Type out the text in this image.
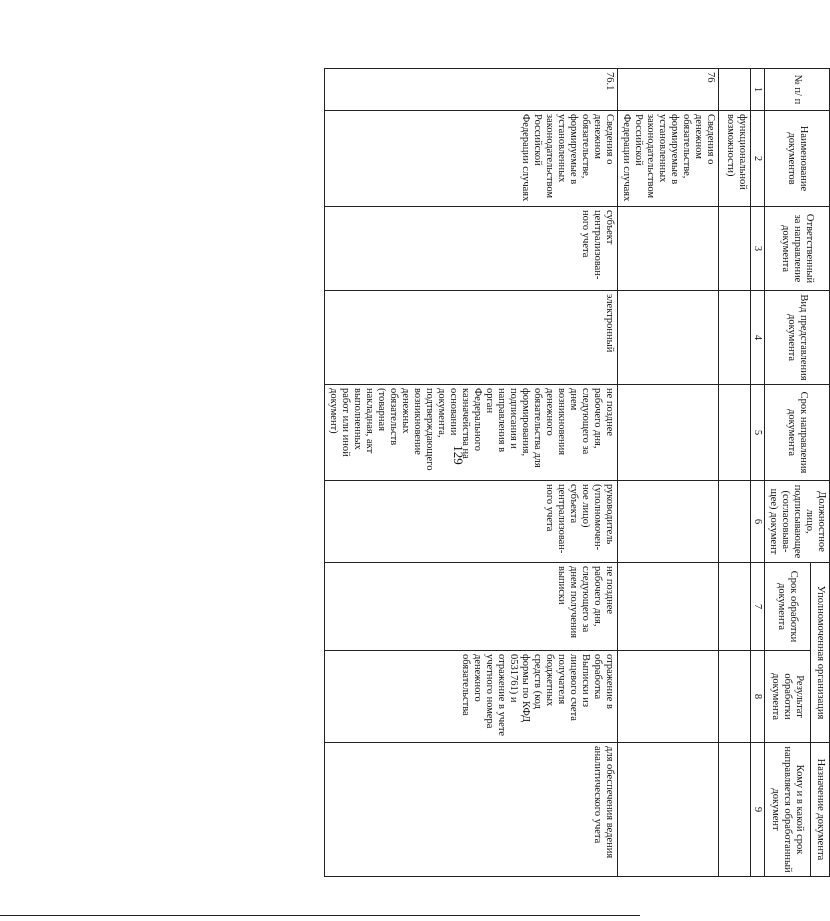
129
№ п/ п	Наименование документов	Ответственный за направление документа	Вид представления документа	Срок направления документа	Должностное лицо, подписывающее (согласовыва-щее) документ	Уполномоченная организация		Назначение документа
						Срок обработки документа	Результат обработки документа	Кому и в какой срок направляется обработанный документ
1	2	3	4	5	6	7	8	9
	функциональной возможности)							
76	Сведения о денежном обязательстве, формируемые в установленных законодательством Российской Федерации случаях							
76.1	Сведения о денежном обязательстве, формируемые в установленных законодательством Российской Федерации случаях	субъект централизован-ного учета	электронный	не позднее рабочего дня, следующего за днем возникновения денежного обязательства для формирования, подписания и направления в орган Федерального казначейства на основании документа, подтверждающего возникновение денежных обязательств (товарная накладная, акт выполненных работ или иной документ)	руководитель (уполномочен-ное лицо) субъекта централизован-ного учета	не позднее рабочего дня, следующего за днем получения выписки	отражение в обработка Выписки из лицевого счета получателя бюджетных средств (код формы по КФД 0531761) и отражение в учете учетного номера денежного обязательства	для обеспечения ведения аналитического учета
